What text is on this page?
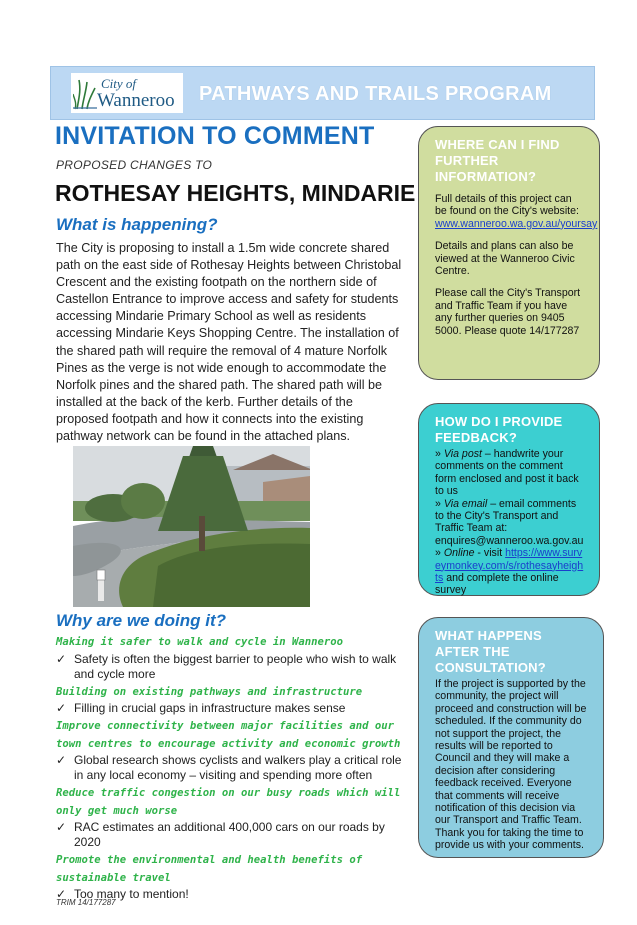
City of
Wanneroo PATHWAYS AND TRAILS PROGRAM
INVITATION TO COMMENT
PROPOSED CHANGES TO
ROTHESAY HEIGHTS, MINDARIE
What is happening?

The City is proposing to install a 1.5m wide concrete shared path on the east side of Rothesay Heights between Christobal Crescent and the existing footpath on the northern side of Castellon Entrance to improve access and safety for students accessing Mindarie Primary School as well as residents accessing Mindarie Keys Shopping Centre. The installation of the shared path will require the removal of 4 mature Norfolk Pines as the verge is not wide enough to accommodate the Norfolk pines and the shared path. The shared path will be installed at the back of the kerb. Further details of the proposed footpath and how it connects into the existing pathway network can be found in the attached plans.

Why are we doing it?
Making it safer to walk and cycle in Wanneroo
✓ Safety is often the biggest barrier to people who wish to walk and cycle more
Building on existing pathways and infrastructure
✓ Filling in crucial gaps in infrastructure makes sense
Improve connectivity between major facilities and our town centres to encourage activity and economic growth
✓ Global research shows cyclists and walkers play a critical role in any local economy – visiting and spending more often
Reduce traffic congestion on our busy roads which will only get much worse
✓ RAC estimates an additional 400,000 cars on our roads by 2020
Promote the environmental and health benefits of sustainable travel
✓ Too many to mention!
WHERE CAN I FIND FURTHER INFORMATION?

Full details of this project can be found on the City's website: www.wanneroo.wa.gov.au/yoursay

Details and plans can also be viewed at the Wanneroo Civic Centre.

Please call the City's Transport and Traffic Team if you have any further queries on 9405 5000. Please quote 14/177287

HOW DO I PROVIDE FEEDBACK?
» Via post – handwrite your comments on the comment form enclosed and post it back to us
» Via email – email comments to the City's Transport and Traffic Team at: enquires@wanneroo.wa.gov.au
» Online - visit https://www.surveymonkey.com/s/rothesayheights and complete the online survey
WHAT HAPPENS AFTER THE CONSULTATION?
If the project is supported by the community, the project will proceed and construction will be scheduled. If the community do not support the project, the results will be reported to Council and they will make a decision after considering feedback received. Everyone that comments will receive notification of this decision via our Transport and Traffic Team. Thank you for taking the time to provide us with your comments.
TRIM 14/177287
